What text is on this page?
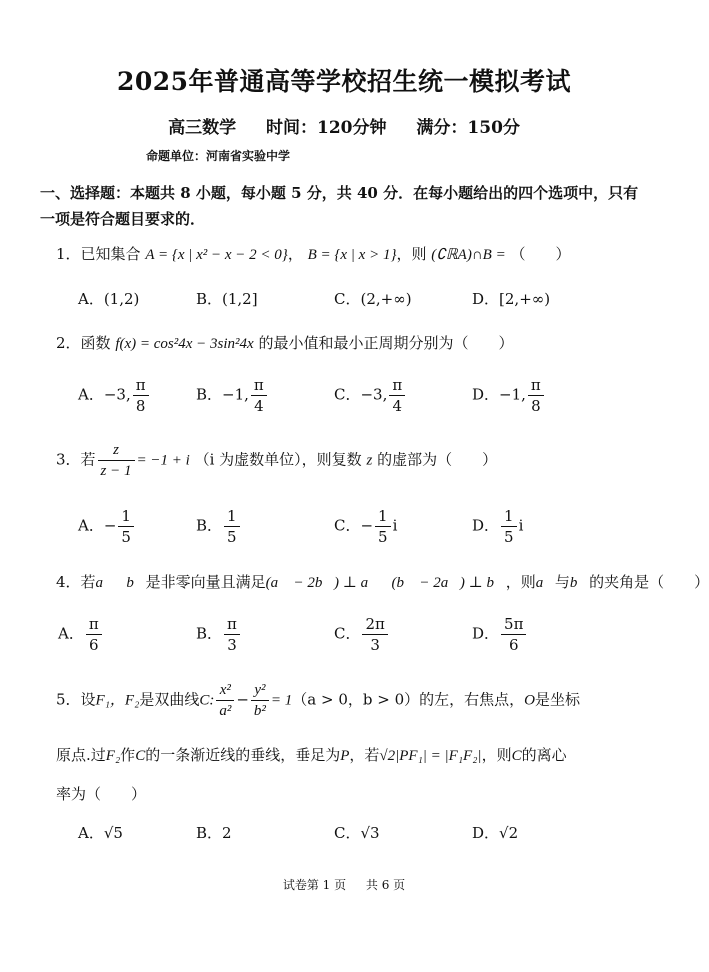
2025年普通高等学校招生统一模拟考试
高三数学 时间：120分钟 满分：150分
命题单位：河南省实验中学
一、选择题：本题共 8 小题，每小题 5 分，共 40 分．在每小题给出的四个选项中，只有一项是符合题目要求的．
1．已知集合 A = {x | x² − x − 2 < 0}， B = {x | x > 1}，则 (∁ℝA)∩B = （　　）
A．(1,2)	B．(1,2]	C．(2,+∞)	D．[2,+∞)
2．函数 f(x) = cos²4x − 3sin²4x 的最小值和最小正周期分别为（　　）
A．−3, $\frac{\pi}{8}$	B．−1, $\frac{\pi}{4}$	C．−3, $\frac{\pi}{4}$	D．−1, $\frac{\pi}{8}$
3．若 $\frac{z}{z - 1} = -1 + i$ （i 为虚数单位），则复数 z 的虚部为（　　）
A．− $\frac{1}{5}$	B． $\frac{1}{5}$	C．− $\frac{1}{5}$ i	D． $\frac{1}{5}$ i
4．若a⃗，b⃗是非零向量且满足(a⃗ − 2b⃗) ⊥ a⃗，(b⃗ − 2a⃗) ⊥ b⃗，则a⃗与b⃗的夹角是（　　）
A． $\frac{\pi}{6}$	B． $\frac{\pi}{3}$	C． $\frac{2\pi}{3}$	D． $\frac{5\pi}{6}$
5．设F₁，F₂是双曲线C: $\frac{\text{x²}}{\text{a²}} - \frac{\text{y²}}{\text{b²}} = 1(a > 0$，b > 0）的左，右焦点，O是坐标
原点.过F₂作C的一条渐近线的垂线，垂足为P，若√2|PF₁| = |F₁F₂|，则C的离心
率为（　　）
A．√5	B．2	C．√3	D．√2
试卷第 1 页 共 6 页
